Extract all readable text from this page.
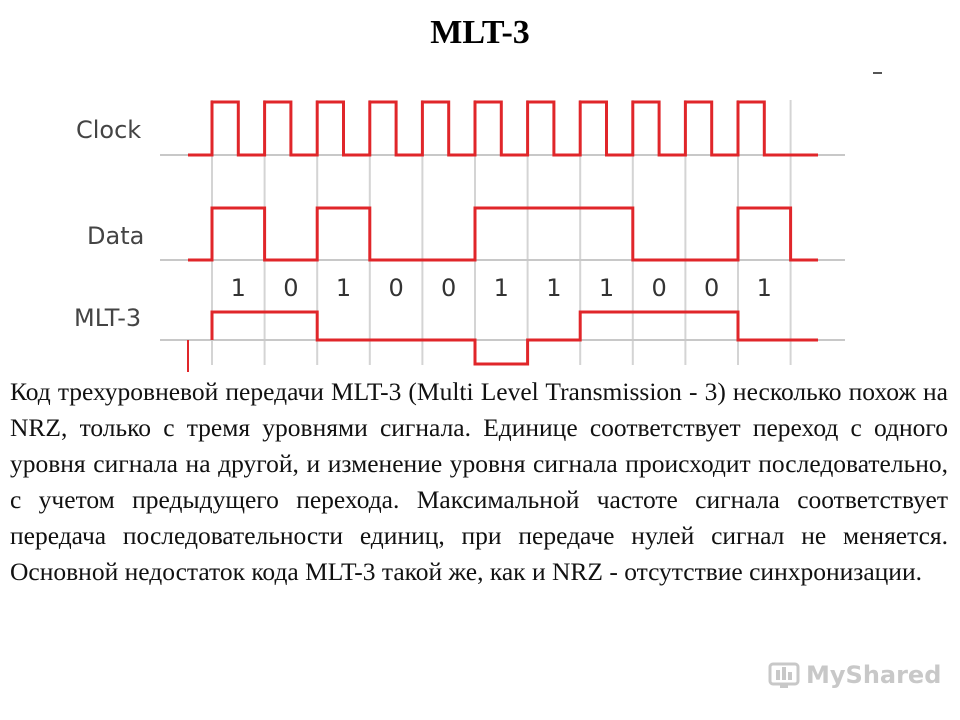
MLT-3
Clock
Data
MLT-3
1 0 1 0 0 1 1 1 0 0 1
Код трехуровневой передачи MLT-3 (Multi Level Transmission - 3) несколько похож на NRZ, только с тремя уровнями сигнала. Единице соответствует переход с одного уровня сигнала на другой, и изменение уровня сигнала происходит последовательно, с учетом предыдущего перехода. Максимальной частоте сигнала соответствует передача последовательности единиц, при передаче нулей сигнал не меняется. Основной недостаток кода MLT-3 такой же, как и NRZ - отсутствие синхронизации.
MyShared
